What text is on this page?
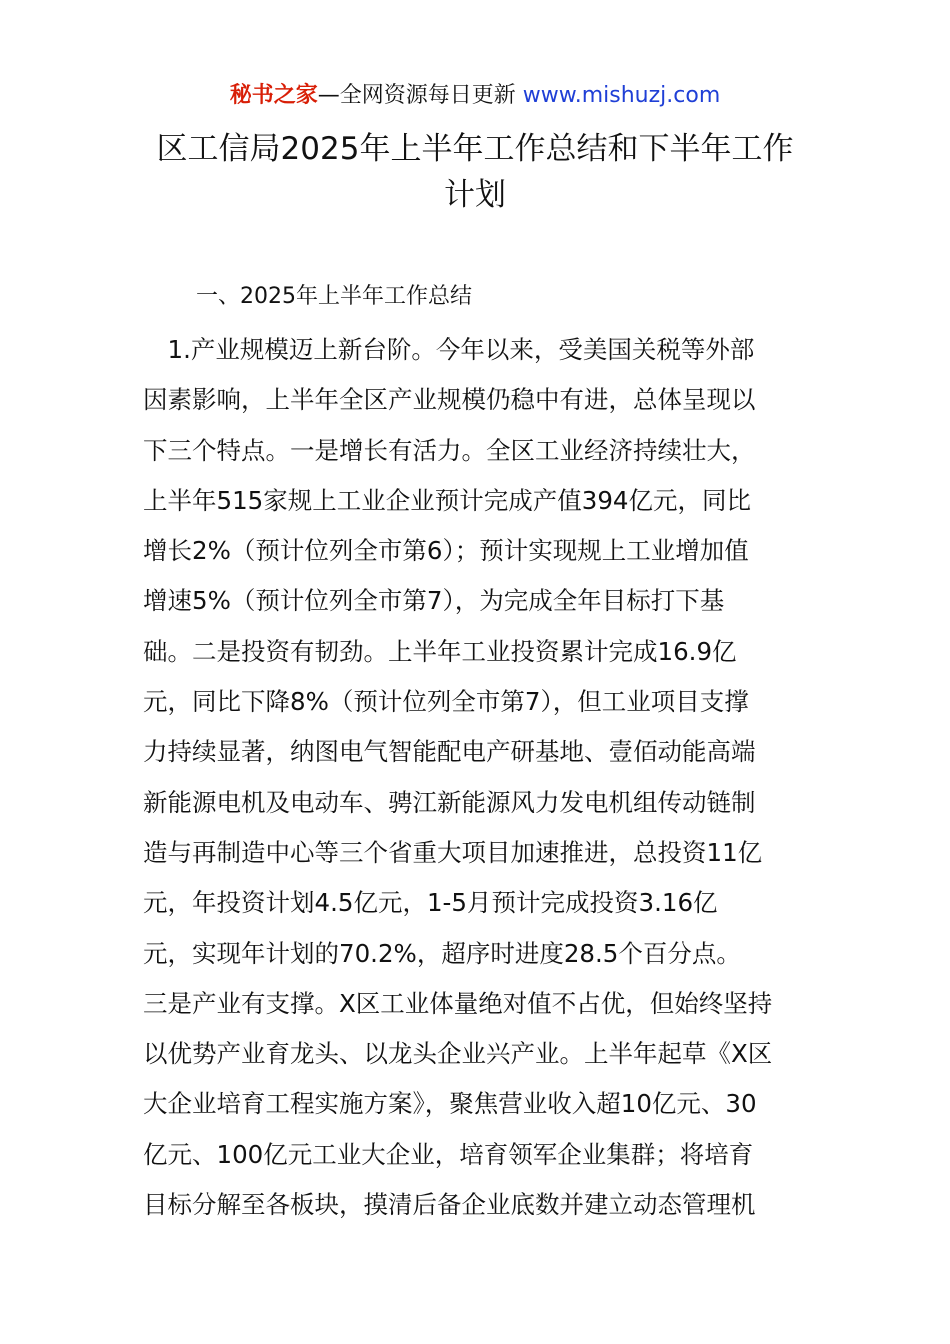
秘书之家—全网资源每日更新 www.mishuzj.com
区工信局2025年上半年工作总结和下半年工作
计划
一、2025年上半年工作总结
　1.产业规模迈上新台阶。今年以来，受美国关税等外部
因素影响，上半年全区产业规模仍稳中有进，总体呈现以
下三个特点。一是增长有活力。全区工业经济持续壮大，
上半年515家规上工业企业预计完成产值394亿元，同比
增长2%（预计位列全市第6）；预计实现规上工业增加值
增速5%（预计位列全市第7），为完成全年目标打下基
础。二是投资有韧劲。上半年工业投资累计完成16.9亿
元，同比下降8%（预计位列全市第7），但工业项目支撑
力持续显著，纳图电气智能配电产研基地、壹佰动能高端
新能源电机及电动车、骋江新能源风力发电机组传动链制
造与再制造中心等三个省重大项目加速推进，总投资11亿
元，年投资计划4.5亿元，1-5月预计完成投资3.16亿
元，实现年计划的70.2%，超序时进度28.5个百分点。
三是产业有支撑。X区工业体量绝对值不占优，但始终坚持
以优势产业育龙头、以龙头企业兴产业。上半年起草《X区
大企业培育工程实施方案》，聚焦营业收入超10亿元、30
亿元、100亿元工业大企业，培育领军企业集群；将培育
目标分解至各板块，摸清后备企业底数并建立动态管理机
